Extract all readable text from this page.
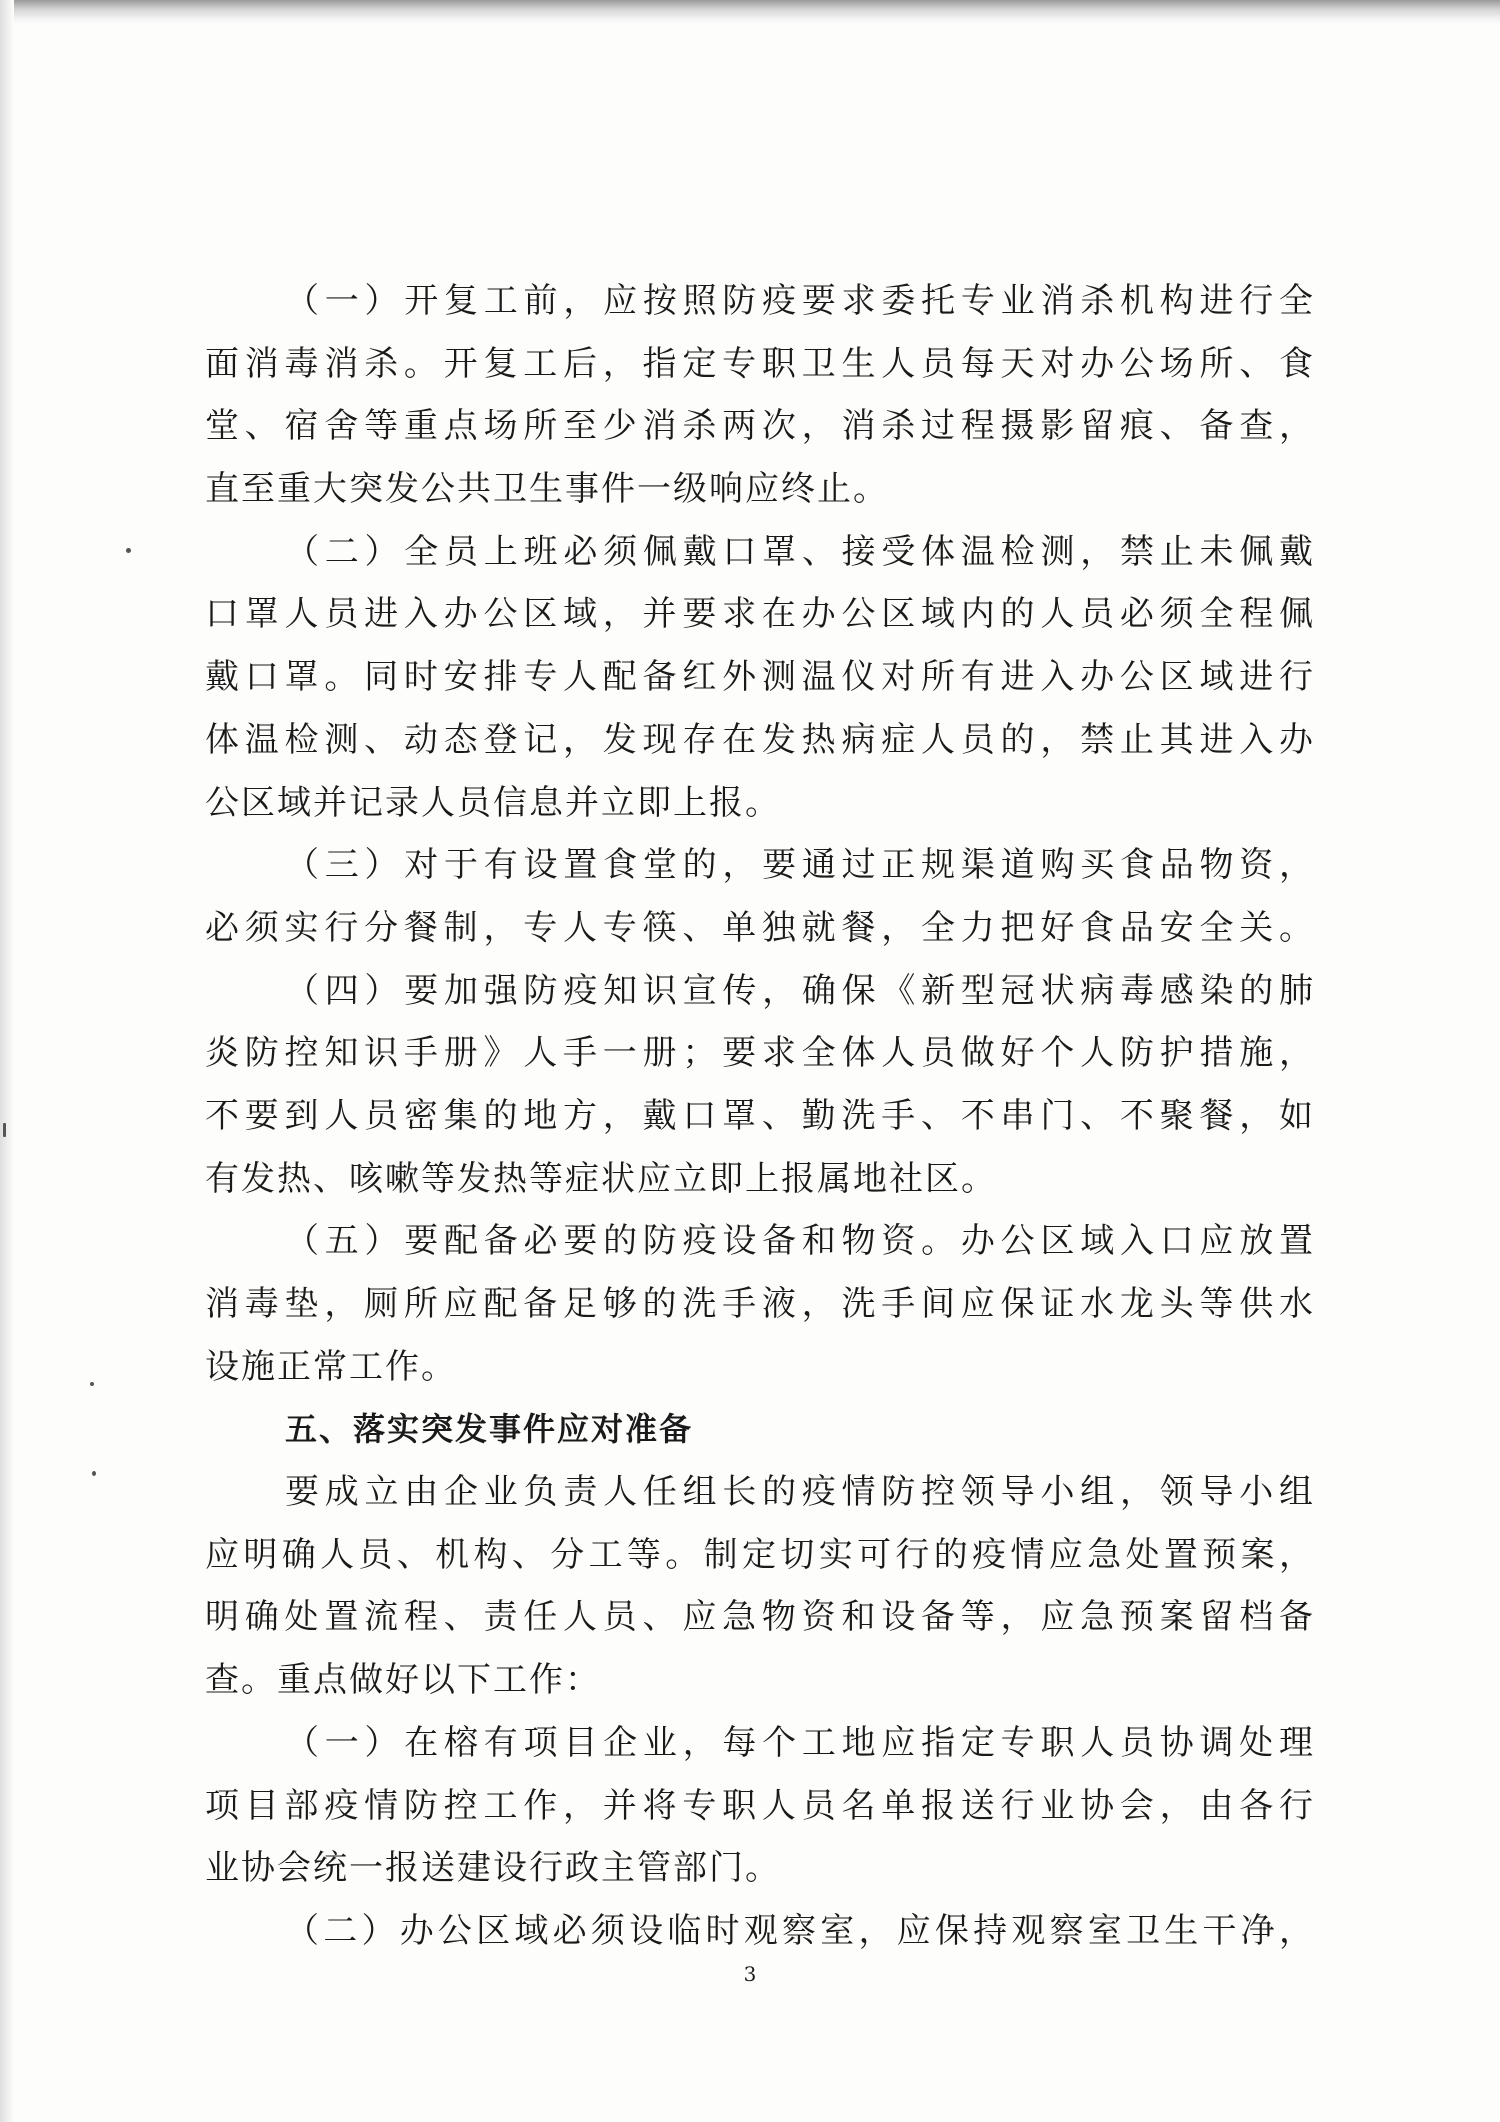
（一）开复工前，应按照防疫要求委托专业消杀机构进行全
面消毒消杀。开复工后，指定专职卫生人员每天对办公场所、食
堂、宿舍等重点场所至少消杀两次，消杀过程摄影留痕、备查，
直至重大突发公共卫生事件一级响应终止。
（二）全员上班必须佩戴口罩、接受体温检测，禁止未佩戴
口罩人员进入办公区域，并要求在办公区域内的人员必须全程佩
戴口罩。同时安排专人配备红外测温仪对所有进入办公区域进行
体温检测、动态登记，发现存在发热病症人员的，禁止其进入办
公区域并记录人员信息并立即上报。
（三）对于有设置食堂的，要通过正规渠道购买食品物资，
必须实行分餐制，专人专筷、单独就餐，全力把好食品安全关。
（四）要加强防疫知识宣传，确保《新型冠状病毒感染的肺
炎防控知识手册》人手一册；要求全体人员做好个人防护措施，
不要到人员密集的地方，戴口罩、勤洗手、不串门、不聚餐，如
有发热、咳嗽等发热等症状应立即上报属地社区。
（五）要配备必要的防疫设备和物资。办公区域入口应放置
消毒垫，厕所应配备足够的洗手液，洗手间应保证水龙头等供水
设施正常工作。
五、落实突发事件应对准备
要成立由企业负责人任组长的疫情防控领导小组，领导小组
应明确人员、机构、分工等。制定切实可行的疫情应急处置预案，
明确处置流程、责任人员、应急物资和设备等，应急预案留档备
查。重点做好以下工作：
（一）在榕有项目企业，每个工地应指定专职人员协调处理
项目部疫情防控工作，并将专职人员名单报送行业协会，由各行
业协会统一报送建设行政主管部门。
（二）办公区域必须设临时观察室，应保持观察室卫生干净，
3
